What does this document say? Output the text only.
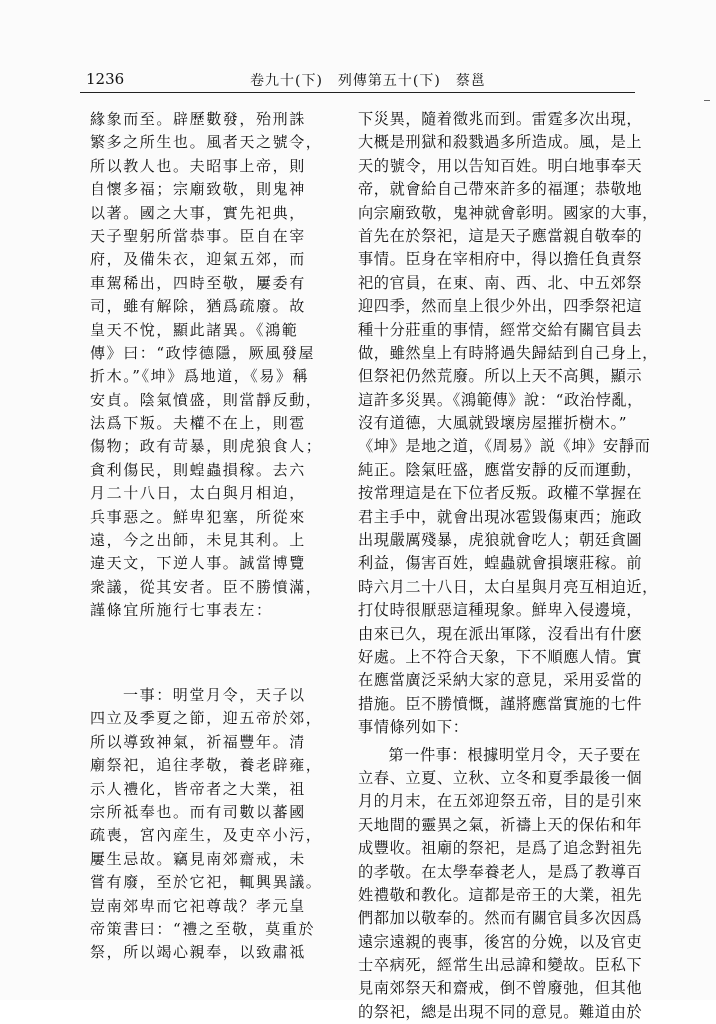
1236	卷九十(下)　列傳第五十(下)　蔡邕
緣象而至。辟歷數發，殆刑誅
繁多之所生也。風者天之號令，
所以教人也。夫昭事上帝，則
自懷多福；宗廟致敬，則鬼神
以著。國之大事，實先祀典，
天子聖躬所當恭事。臣自在宰
府，及備朱衣，迎氣五郊，而
車駕稀出，四時至敬，屢委有
司，雖有解除，猶爲疏廢。故
皇天不悅，顯此諸異。《鴻範
傳》曰：“政悖德隱，厥風發屋
折木。”《坤》爲地道，《易》稱
安貞。陰氣憤盛，則當靜反動，
法爲下叛。夫權不在上，則雹
傷物；政有苛暴，則虎狼食人；
貪利傷民，則蝗蟲損稼。去六
月二十八日，太白與月相迫，
兵事惡之。鮮卑犯塞，所從來
遠，今之出師，未見其利。上
違天文，下逆人事。誠當博覽
衆議，從其安者。臣不勝憤滿，
謹條宜所施行七事表左：
一事：明堂月令，天子以
四立及季夏之節，迎五帝於郊，
所以導致神氣，祈福豐年。清
廟祭祀，追往孝敬，養老辟雍，
示人禮化，皆帝者之大業，祖
宗所祗奉也。而有司數以蕃國
疏喪，宮內産生，及吏卒小污，
屢生忌故。竊見南郊齋戒，未
嘗有廢，至於它祀，輒興異議。
豈南郊卑而它祀尊哉？孝元皇
帝策書曰：“禮之至敬，莫重於
祭，所以竭心親奉，以致肅祗
下災異，隨着徵兆而到。雷霆多次出現，
大概是刑獄和殺戮過多所造成。風，是上
天的號令，用以告知百姓。明白地事奉天
帝，就會給自己帶來許多的福運；恭敬地
向宗廟致敬，鬼神就會彰明。國家的大事，
首先在於祭祀，這是天子應當親自敬奉的
事情。臣身在宰相府中，得以擔任負責祭
祀的官員，在東、南、西、北、中五郊祭
迎四季，然而皇上很少外出，四季祭祀這
種十分莊重的事情，經常交給有關官員去
做，雖然皇上有時將過失歸結到自己身上，
但祭祀仍然荒廢。所以上天不高興，顯示
這許多災異。《鴻範傳》說：“政治悖亂，
沒有道德，大風就毀壞房屋摧折樹木。”
《坤》是地之道，《周易》説《坤》安靜而
純正。陰氣旺盛，應當安靜的反而運動，
按常理這是在下位者反叛。政權不掌握在
君主手中，就會出現冰雹毀傷東西；施政
出現嚴厲殘暴，虎狼就會吃人；朝廷貪圖
利益，傷害百姓，蝗蟲就會損壞莊稼。前
時六月二十八日，太白星與月亮互相迫近，
打仗時很厭惡這種現象。鮮卑入侵邊境，
由來已久，現在派出軍隊，沒看出有什麽
好處。上不符合天象，下不順應人情。實
在應當廣泛采納大家的意見，采用妥當的
措施。臣不勝憤慨，謹將應當實施的七件
事情條列如下：
第一件事：根據明堂月令，天子要在
立春、立夏、立秋、立冬和夏季最後一個
月的月末，在五郊迎祭五帝，目的是引來
天地間的靈異之氣，祈禱上天的保佑和年
成豐收。祖廟的祭祀，是爲了追念對祖先
的孝敬。在太學奉養老人，是爲了教導百
姓禮敬和教化。這都是帝王的大業，祖先
們都加以敬奉的。然而有關官員多次因爲
遠宗遠親的喪事，後宮的分娩，以及官吏
士卒病死，經常生出忌諱和變故。臣私下
見南郊祭天和齋戒，倒不曾廢弛，但其他
的祭祀，總是出現不同的意見。難道由於
